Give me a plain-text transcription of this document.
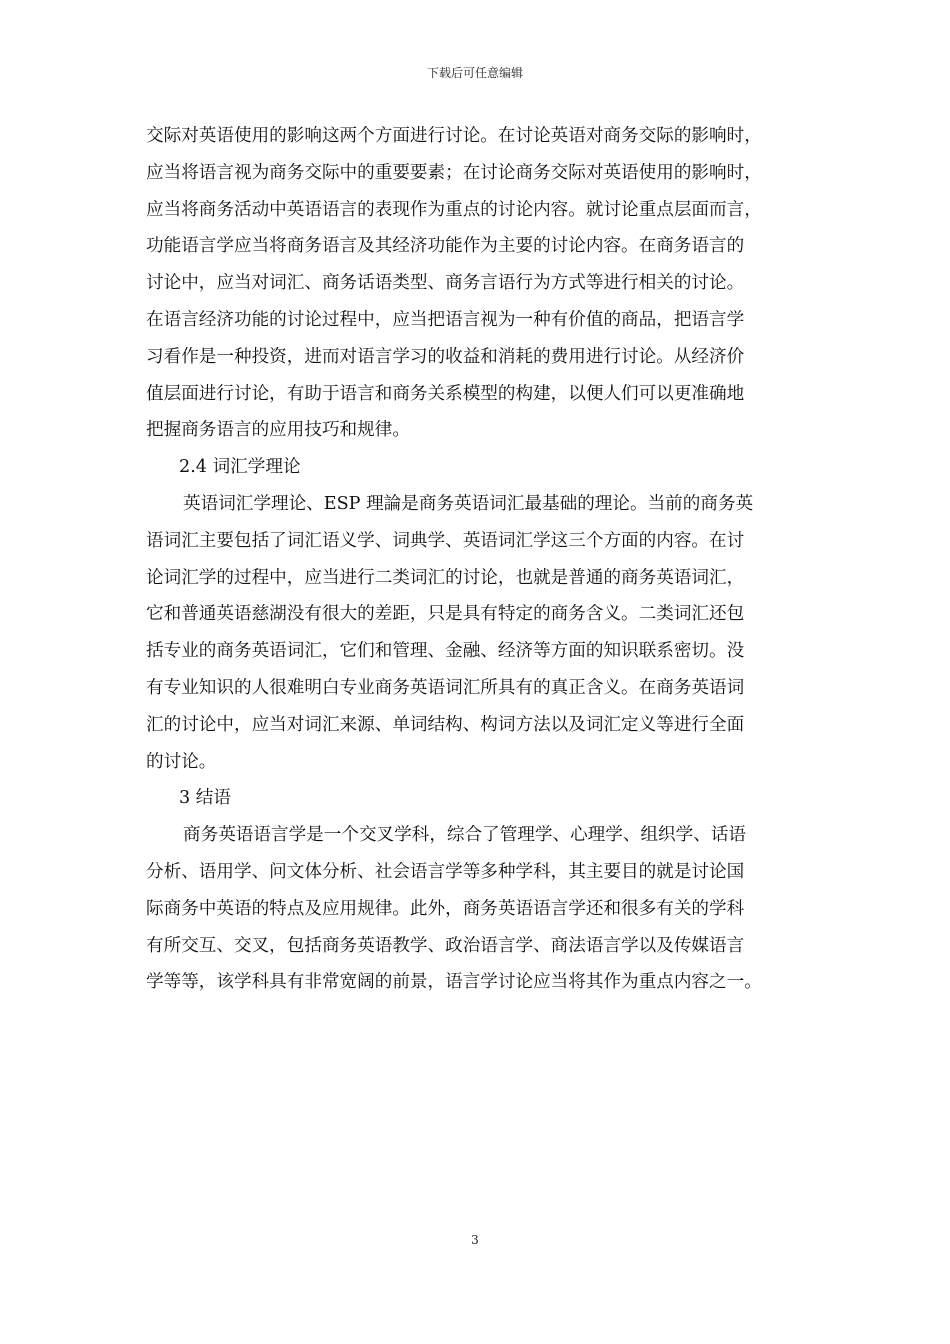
下载后可任意编辑
交际对英语使用的影响这两个方面进行讨论。在讨论英语对商务交际的影响时，
应当将语言视为商务交际中的重要要素；在讨论商务交际对英语使用的影响时，
应当将商务活动中英语语言的表现作为重点的讨论内容。就讨论重点层面而言，
功能语言学应当将商务语言及其经济功能作为主要的讨论内容。在商务语言的
讨论中，应当对词汇、商务话语类型、商务言语行为方式等进行相关的讨论。
在语言经济功能的讨论过程中，应当把语言视为一种有价值的商品，把语言学
习看作是一种投资，进而对语言学习的收益和消耗的费用进行讨论。从经济价
值层面进行讨论，有助于语言和商务关系模型的构建，以便人们可以更准确地
把握商务语言的应用技巧和规律。
2.4 词汇学理论
英语词汇学理论、ESP 理論是商务英语词汇最基础的理论。当前的商务英
语词汇主要包括了词汇语义学、词典学、英语词汇学这三个方面的内容。在讨
论词汇学的过程中，应当进行二类词汇的讨论，也就是普通的商务英语词汇，
它和普通英语慈湖没有很大的差距，只是具有特定的商务含义。二类词汇还包
括专业的商务英语词汇，它们和管理、金融、经济等方面的知识联系密切。没
有专业知识的人很难明白专业商务英语词汇所具有的真正含义。在商务英语词
汇的讨论中，应当对词汇来源、单词结构、构词方法以及词汇定义等进行全面
的讨论。
3 结语
商务英语语言学是一个交叉学科，综合了管理学、心理学、组织学、话语
分析、语用学、问文体分析、社会语言学等多种学科，其主要目的就是讨论国
际商务中英语的特点及应用规律。此外，商务英语语言学还和很多有关的学科
有所交互、交叉，包括商务英语教学、政治语言学、商法语言学以及传媒语言
学等等，该学科具有非常宽阔的前景，语言学讨论应当将其作为重点内容之一。
3
